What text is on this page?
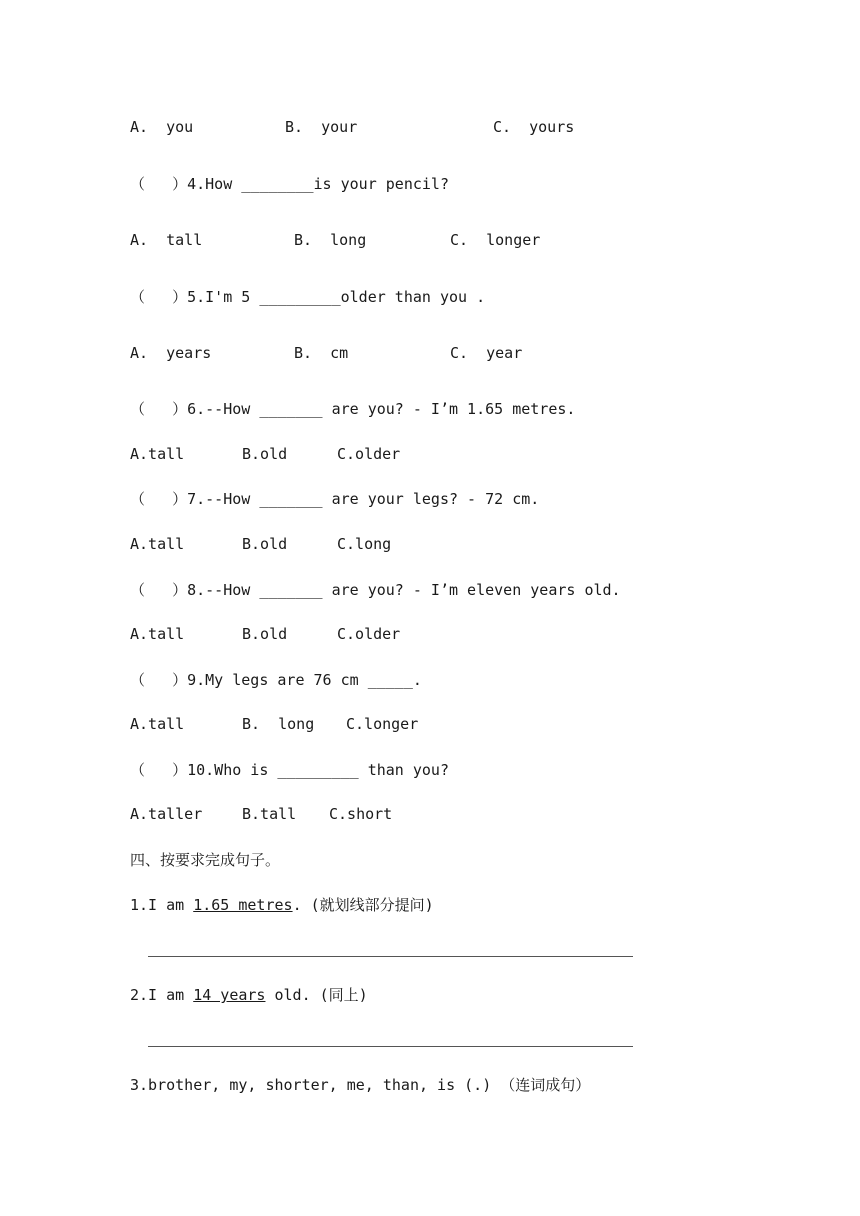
A.  you	B.  your	C.  yours
（   ）4.How ________is your pencil?
A.  tall	B.  long	C.  longer
（   ）5.I'm 5 _________older than you .
A.  years	B.  cm	C.  year
（   ）6.--How _______ are you? - I’m 1.65 metres.
A.tall	B.old	C.older
（   ）7.--How _______ are your legs? - 72 cm.
A.tall	B.old	C.long
（   ）8.--How _______ are you? - I’m eleven years old.
A.tall	B.old	C.older
（   ）9.My legs are 76 cm _____.
A.tall	B.  long C.longer
（   ）10.Who is _________ than you?
A.taller	B.tall C.short
四、按要求完成句子。
1.I am 1.65 metres. (就划线部分提问)
2.I am 14 years old. (同上)
3.brother, my, shorter, me, than, is (.) （连词成句）
